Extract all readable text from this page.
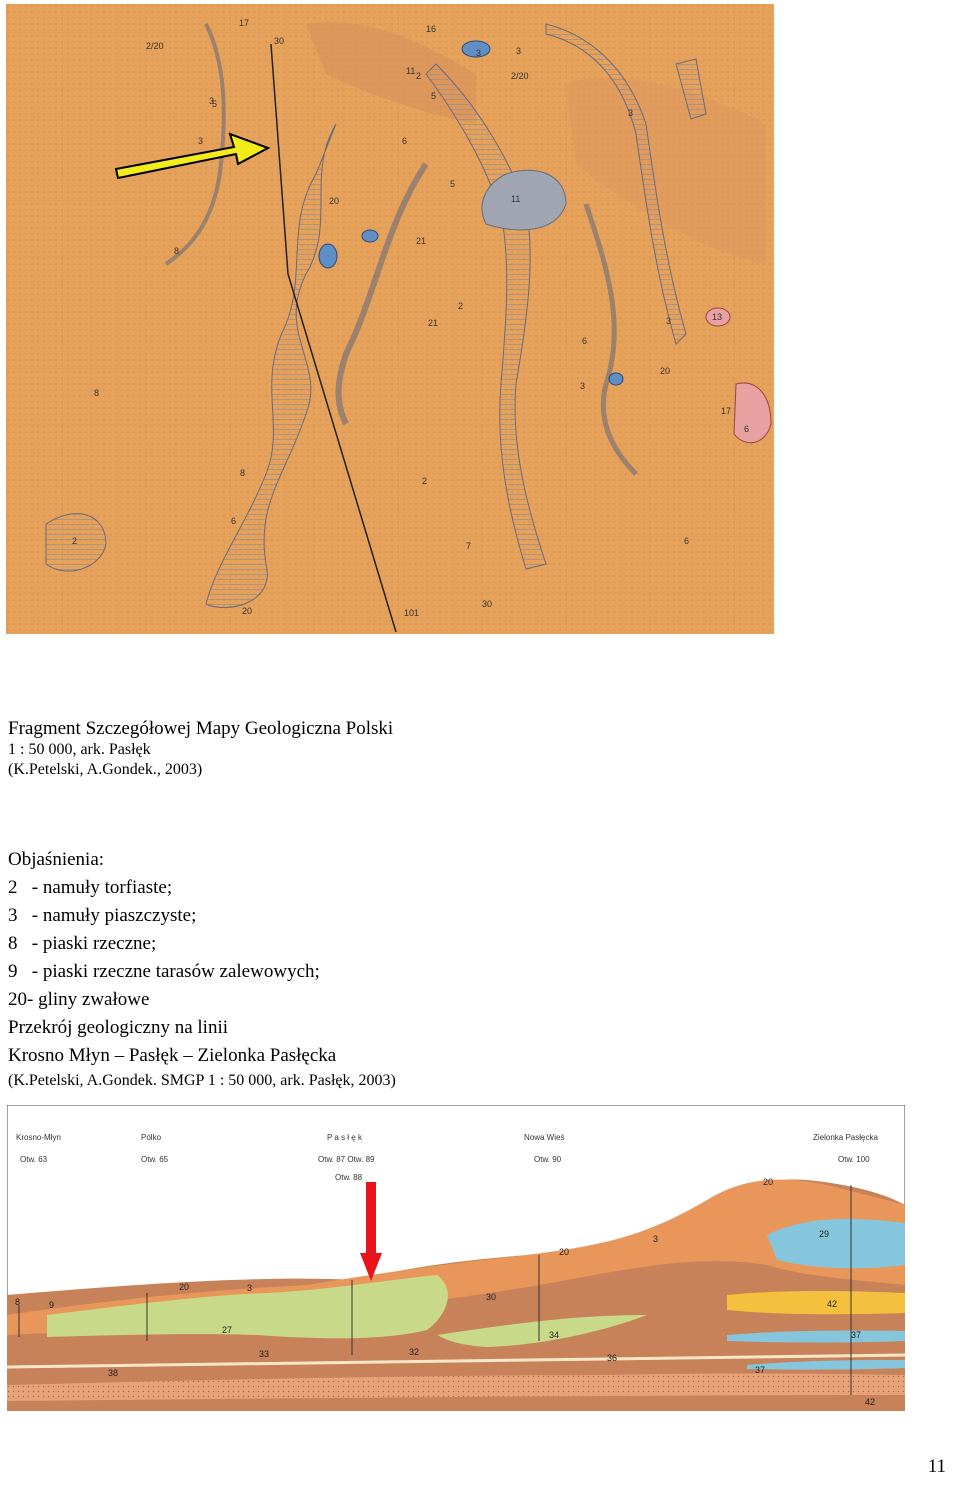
3
2/20
17
30
5
3
16
3
3
2
11	2/20
5
6
3
5
8
20	11
21
21
2
3
6
13
8
3
20
17
6
8
6
2
2
7	6
30
20	101
Fragment Szczegółowej Mapy Geologiczna Polski
1 : 50 000, ark. Pasłęk
(K.Petelski, A.Gondek., 2003)
Objaśnienia:
2   - namuły torfiaste;
3   - namuły piaszczyste;
8   - piaski rzeczne;
9   - piaski rzeczne tarasów zalewowych;
20- gliny zwałowe
Przekrój geologiczny na linii
Krosno Młyn – Pasłęk – Zielonka Pasłęcka
(K.Petelski, A.Gondek. SMGP 1 : 50 000, ark. Pasłęk, 2003)
Krosno-Młyn	Pólko	P a s ł ę k	Nowa Wieś	Zielonka Pasłęcka
Otw. 63	Otw. 65	Otw. 87 Otw. 89
Otw. 88
Otw. 90	Otw. 100
20
20
3	29
3
20
8	9
30
42
27	37
34
33	32
36
37
38
42
11
